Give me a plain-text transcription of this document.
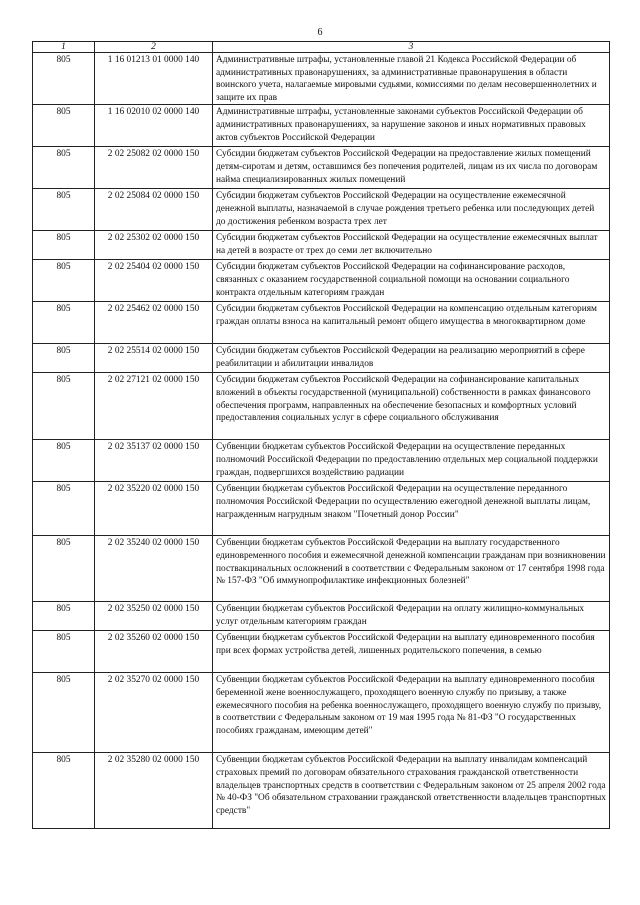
6
1	2	3
805	1 16 01213 01 0000 140	Административные штрафы, установленные главой 21 Кодекса Российской Федерации об административных правонарушениях, за административные правонарушения в области воинского учета, налагаемые мировыми судьями, комиссиями по делам несовершеннолетних и защите их прав
805	1 16 02010 02 0000 140	Административные штрафы, установленные законами субъектов Российской Федерации об административных правонарушениях, за нарушение законов и иных нормативных правовых актов субъектов Российской Федерации
805	2 02 25082 02 0000 150	Субсидии бюджетам субъектов Российской Федерации на предоставление жилых помещений детям-сиротам и детям, оставшимся без попечения родителей, лицам из их числа по договорам найма специализированных жилых помещений
805	2 02 25084 02 0000 150	Субсидии бюджетам субъектов Российской Федерации на осуществление ежемесячной денежной выплаты, назначаемой в случае рождения третьего ребенка или последующих детей до достижения ребенком возраста трех лет
805	2 02 25302 02 0000 150	Субсидии бюджетам субъектов Российской Федерации на осуществление ежемесячных выплат на детей в возрасте от трех до семи лет включительно
805	2 02 25404 02 0000 150	Субсидии бюджетам субъектов Российской Федерации на софинансирование расходов, связанных с оказанием государственной социальной помощи на основании социального контракта отдельным категориям граждан
805	2 02 25462 02 0000 150	Субсидии бюджетам субъектов Российской Федерации на компенсацию отдельным категориям граждан оплаты взноса на капитальный ремонт общего имущества в многоквартирном доме
805	2 02 25514 02 0000 150	Субсидии бюджетам субъектов Российской Федерации на реализацию мероприятий в сфере реабилитации и абилитации инвалидов
805	2 02 27121 02 0000 150	Субсидии бюджетам субъектов Российской Федерации на софинансирование капитальных вложений в объекты государственной (муниципальной) собственности в рамках финансового обеспечения программ, направленных на обеспечение безопасных и комфортных условий предоставления социальных услуг в сфере социального обслуживания
805	2 02 35137 02 0000 150	Субвенции бюджетам субъектов Российской Федерации на осуществление переданных полномочий Российской Федерации по предоставлению отдельных мер социальной поддержки граждан, подвергшихся воздействию радиации
805	2 02 35220 02 0000 150	Субвенции бюджетам субъектов Российской Федерации на осуществление переданного полномочия Российской Федерации по осуществлению ежегодной денежной выплаты лицам, награжденным нагрудным знаком "Почетный донор России"
805	2 02 35240 02 0000 150	Субвенции бюджетам субъектов Российской Федерации на выплату государственного единовременного пособия и ежемесячной денежной компенсации гражданам при возникновении поствакцинальных осложнений в соответствии с Федеральным законом от 17 сентября 1998 года № 157-ФЗ "Об иммунопрофилактике инфекционных болезней"
805	2 02 35250 02 0000 150	Субвенции бюджетам субъектов Российской Федерации на оплату жилищно-коммунальных услуг отдельным категориям граждан
805	2 02 35260 02 0000 150	Субвенции бюджетам субъектов Российской Федерации на выплату единовременного пособия при всех формах устройства детей, лишенных родительского попечения, в семью
805	2 02 35270 02 0000 150	Субвенции бюджетам субъектов Российской Федерации на выплату единовременного пособия беременной жене военнослужащего, проходящего военную службу по призыву, а также ежемесячного пособия на ребенка военнослужащего, проходящего военную службу по призыву, в соответствии с Федеральным законом от 19 мая 1995 года № 81-ФЗ "О государственных пособиях гражданам, имеющим детей"
805	2 02 35280 02 0000 150	Субвенции бюджетам субъектов Российской Федерации на выплату инвалидам компенсаций страховых премий по договорам обязательного страхования гражданской ответственности владельцев транспортных средств в соответствии с Федеральным законом от 25 апреля 2002 года № 40-ФЗ "Об обязательном страховании гражданской ответственности владельцев транспортных средств"
